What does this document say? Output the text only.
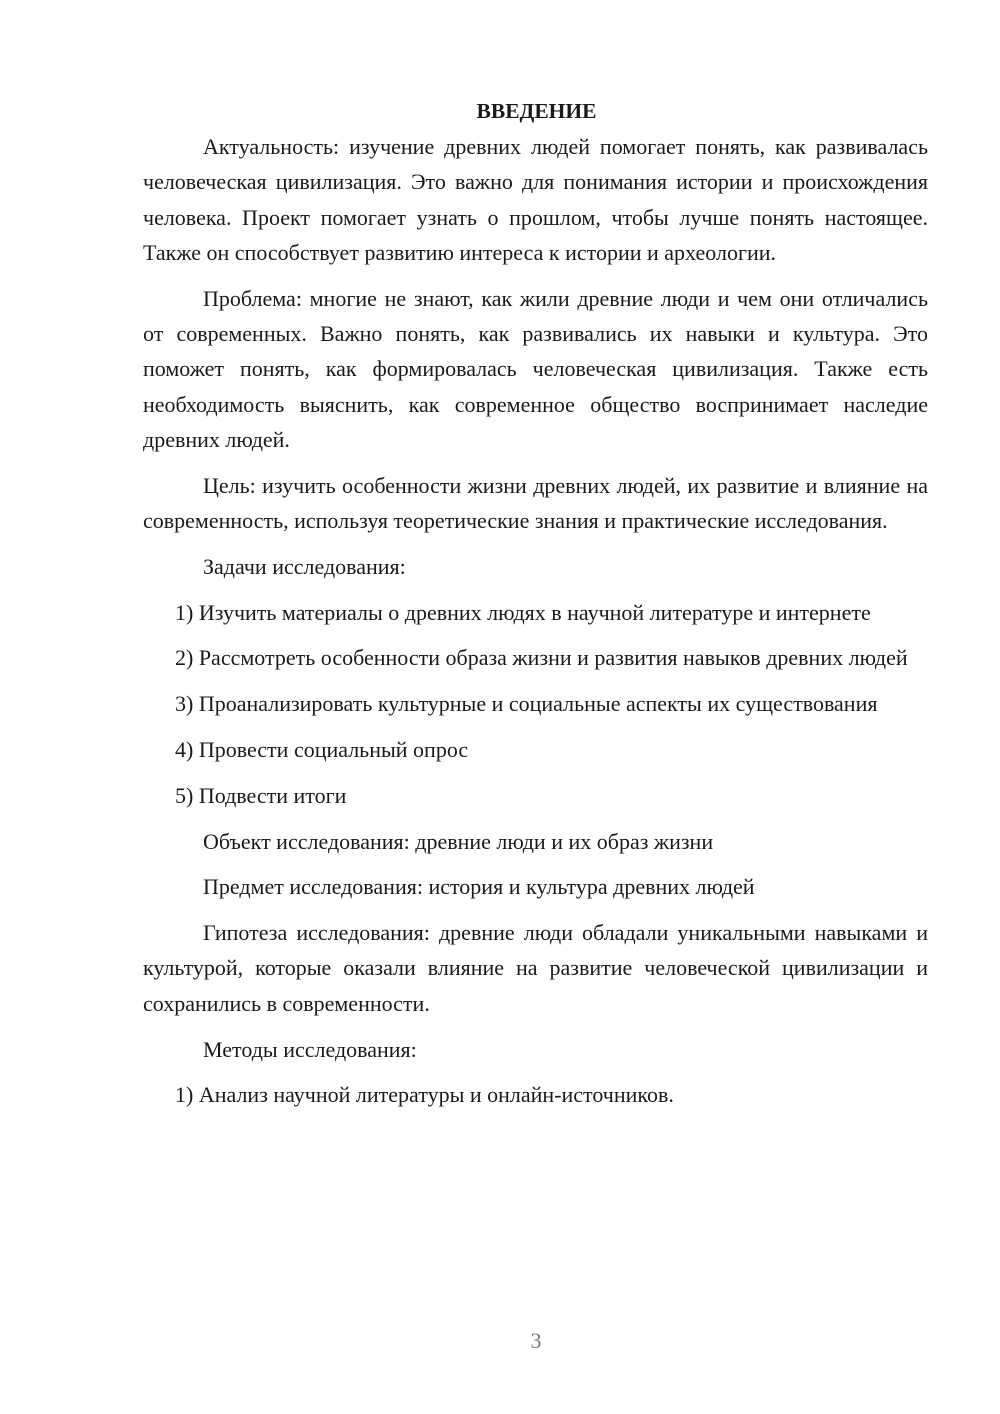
ВВЕДЕНИЕ

Актуальность: изучение древних людей помогает понять, как развивалась человеческая цивилизация. Это важно для понимания истории и происхождения человека. Проект помогает узнать о прошлом, чтобы лучше понять настоящее. Также он способствует развитию интереса к истории и археологии.

Проблема: многие не знают, как жили древние люди и чем они отличались от современных. Важно понять, как развивались их навыки и культура. Это поможет понять, как формировалась человеческая цивилизация. Также есть необходимость выяснить, как современное общество воспринимает наследие древних людей.

Цель: изучить особенности жизни древних людей, их развитие и влияние на современность, используя теоретические знания и практические исследования.

Задачи исследования:

1) Изучить материалы о древних людях в научной литературе и интернете

2) Рассмотреть особенности образа жизни и развития навыков древних людей

3) Проанализировать культурные и социальные аспекты их существования

4) Провести социальный опрос

5) Подвести итоги

Объект исследования: древние люди и их образ жизни

Предмет исследования: история и культура древних людей

Гипотеза исследования: древние люди обладали уникальными навыками и культурой, которые оказали влияние на развитие человеческой цивилизации и сохранились в современности.

Методы исследования:

1) Анализ научной литературы и онлайн-источников.

3
